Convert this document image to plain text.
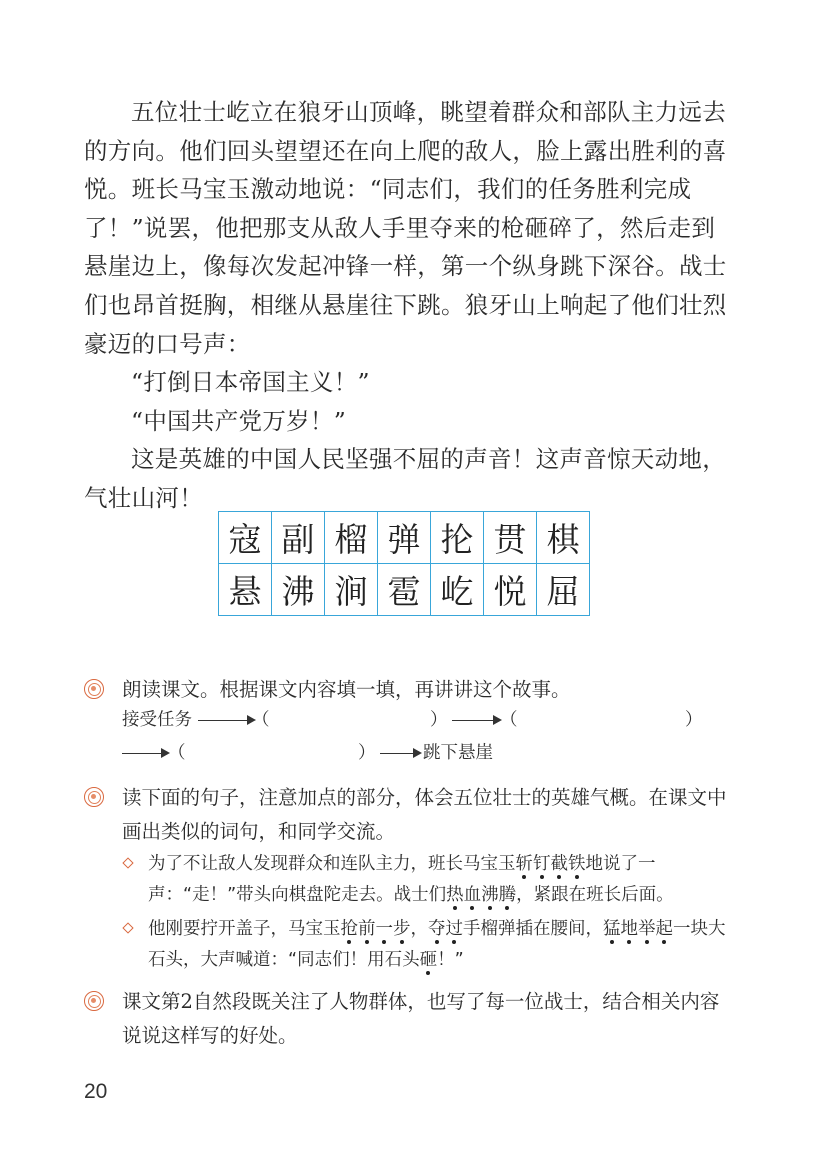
五位壮士屹立在狼牙山顶峰，眺望着群众和部队主力远去的方向。他们回头望望还在向上爬的敌人，脸上露出胜利的喜悦。班长马宝玉激动地说：“同志们，我们的任务胜利完成了！”说罢，他把那支从敌人手里夺来的枪砸碎了，然后走到悬崖边上，像每次发起冲锋一样，第一个纵身跳下深谷。战士们也昂首挺胸，相继从悬崖往下跳。狼牙山上响起了他们壮烈豪迈的口号声：

“打倒日本帝国主义！”

“中国共产党万岁！”

这是英雄的中国人民坚强不屈的声音！这声音惊天动地，气壮山河！

寇	副	榴	弹	抡	贯	棋
悬	沸	涧	雹	屹	悦	屈
朗读课文。根据课文内容填一填，再讲讲这个故事。
接受任务	（	）	（	）
（	）	跳下悬崖
读下面的句子，注意加点的部分，体会五位壮士的英雄气概。在课文中画出类似的词句，和同学交流。
为了不让敌人发现群众和连队主力，班长马宝玉斩钉截铁地说了一声：“走！”带头向棋盘陀走去。战士们热血沸腾，紧跟在班长后面。
他刚要拧开盖子，马宝玉抢前一步，夺过手榴弹插在腰间，猛地举起一块大石头，大声喊道：“同志们！用石头砸！”
课文第2自然段既关注了人物群体，也写了每一位战士，结合相关内容说说这样写的好处。
20
